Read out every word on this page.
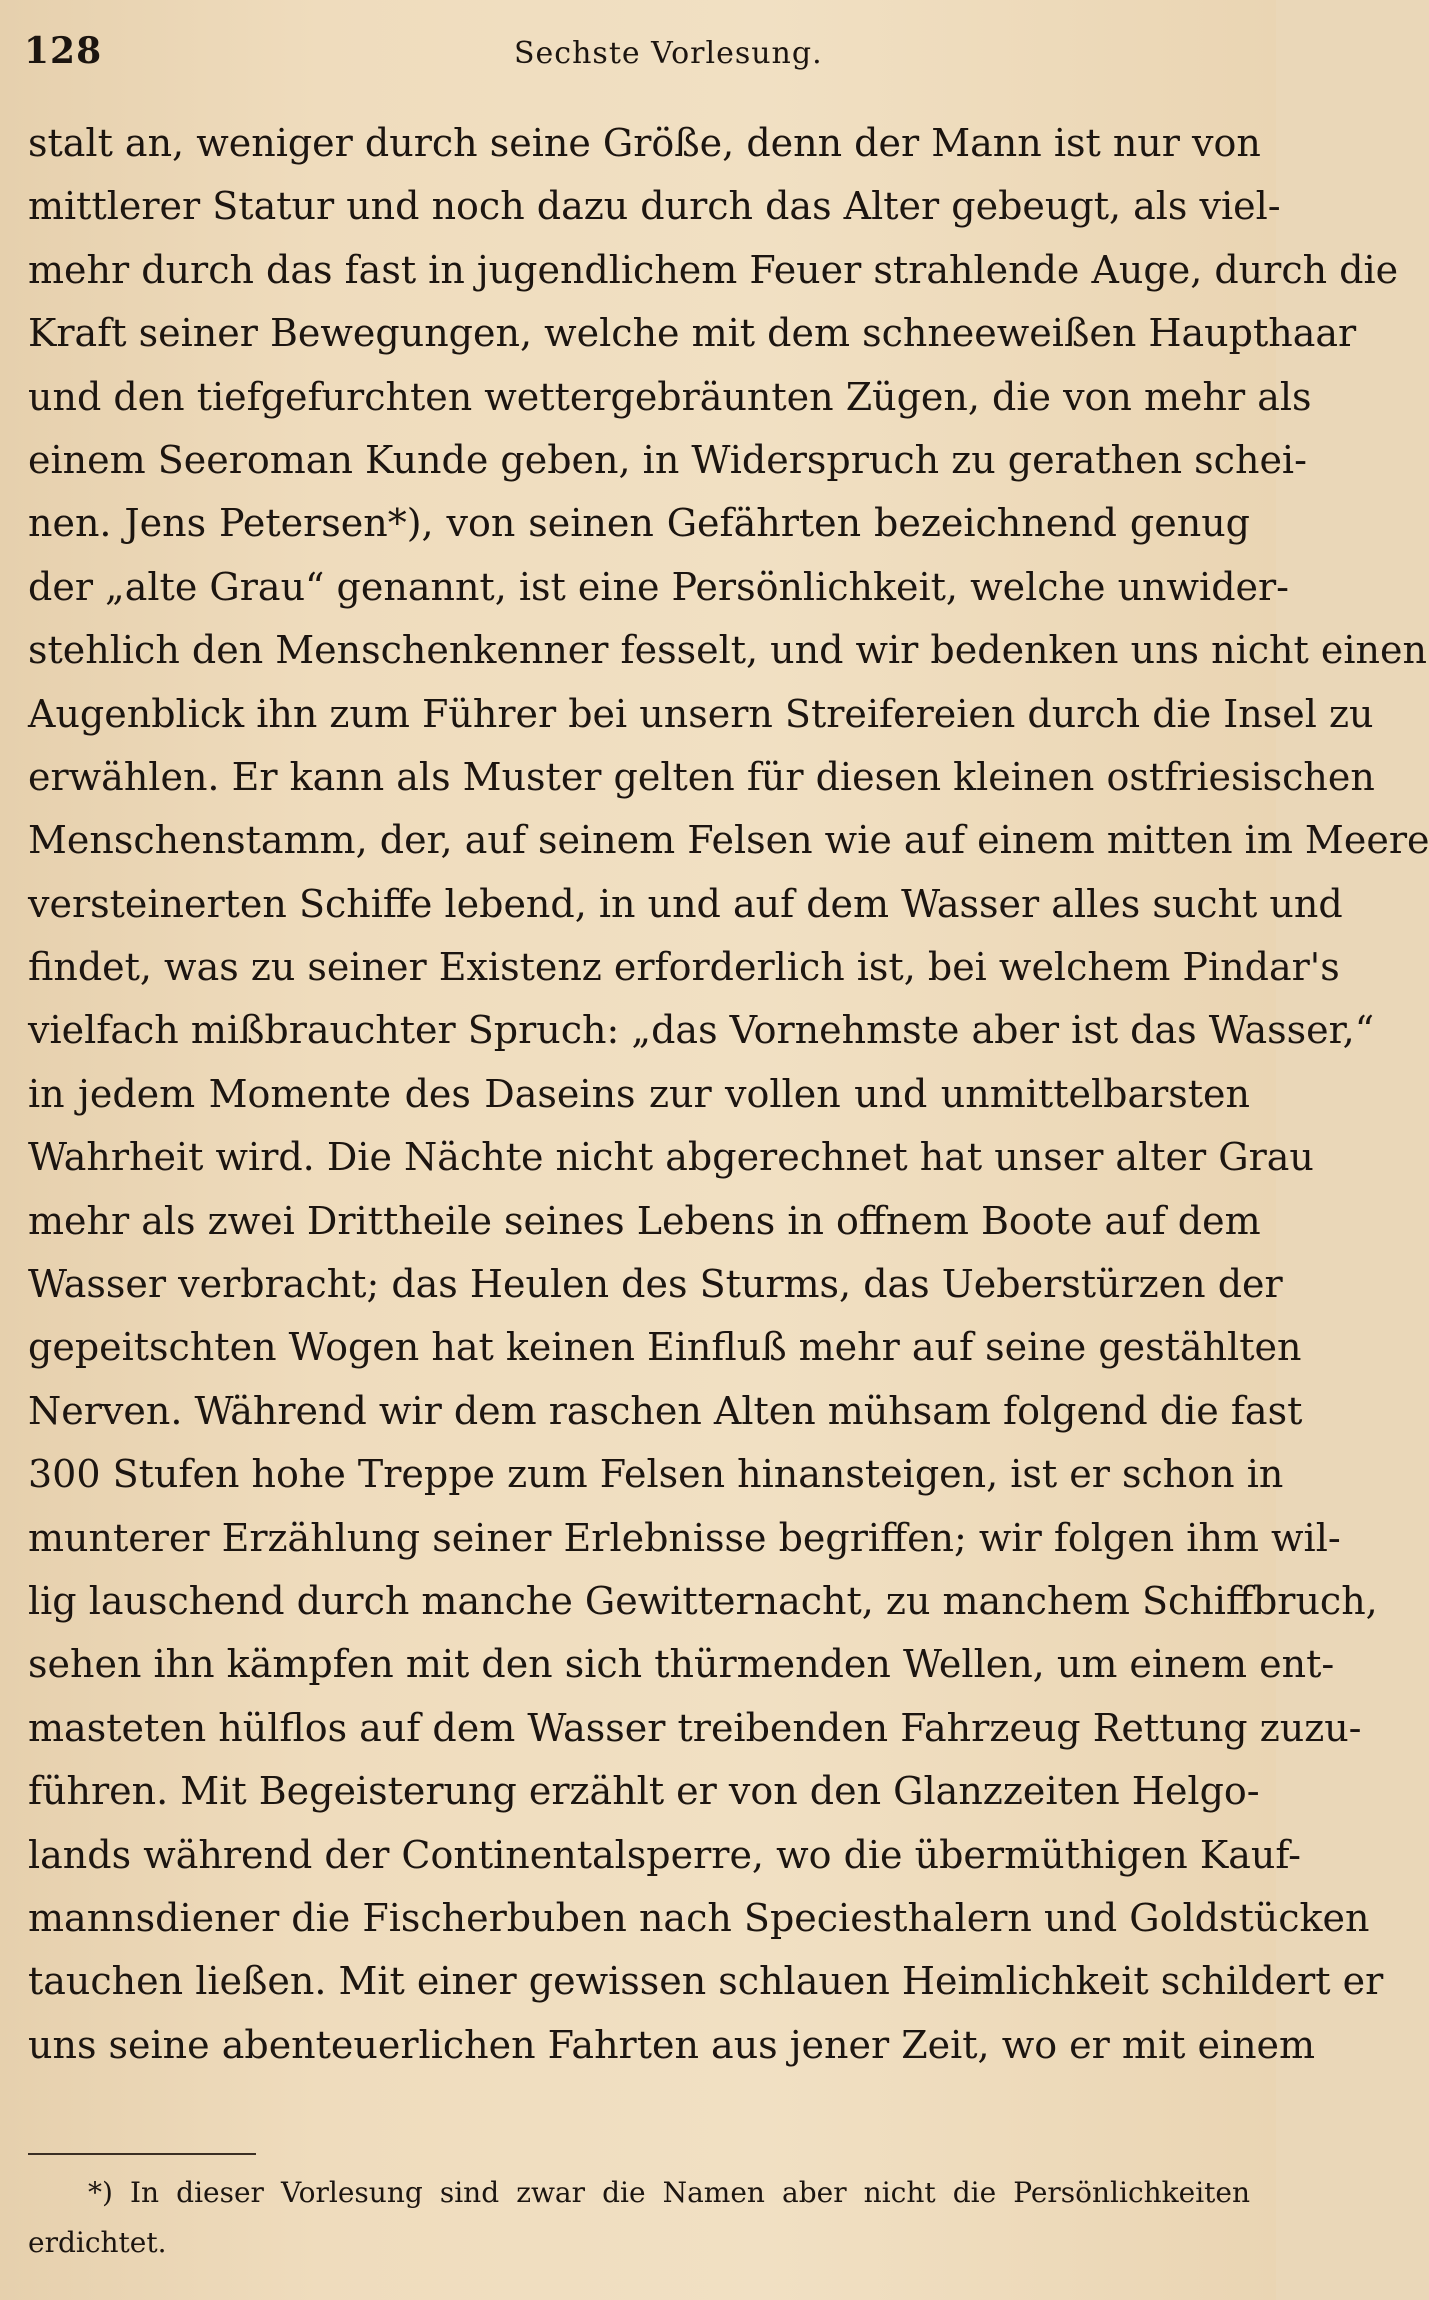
128	Sechste Vorlesung.
stalt an, weniger durch seine Größe, denn der Mann ist nur von
mittlerer Statur und noch dazu durch das Alter gebeugt, als viel-
mehr durch das fast in jugendlichem Feuer strahlende Auge, durch die
Kraft seiner Bewegungen, welche mit dem schneeweißen Haupthaar
und den tiefgefurchten wettergebräunten Zügen, die von mehr als
einem Seeroman Kunde geben, in Widerspruch zu gerathen schei-
nen. Jens Petersen*), von seinen Gefährten bezeichnend genug
der „alte Grau“ genannt, ist eine Persönlichkeit, welche unwider-
stehlich den Menschenkenner fesselt, und wir bedenken uns nicht einen
Augenblick ihn zum Führer bei unsern Streifereien durch die Insel zu
erwählen. Er kann als Muster gelten für diesen kleinen ostfriesischen
Menschenstamm, der, auf seinem Felsen wie auf einem mitten im Meere
versteinerten Schiffe lebend, in und auf dem Wasser alles sucht und
findet, was zu seiner Existenz erforderlich ist, bei welchem Pindar's
vielfach mißbrauchter Spruch: „das Vornehmste aber ist das Wasser,“
in jedem Momente des Daseins zur vollen und unmittelbarsten
Wahrheit wird. Die Nächte nicht abgerechnet hat unser alter Grau
mehr als zwei Drittheile seines Lebens in offnem Boote auf dem
Wasser verbracht; das Heulen des Sturms, das Ueberstürzen der
gepeitschten Wogen hat keinen Einfluß mehr auf seine gestählten
Nerven. Während wir dem raschen Alten mühsam folgend die fast
300 Stufen hohe Treppe zum Felsen hinansteigen, ist er schon in
munterer Erzählung seiner Erlebnisse begriffen; wir folgen ihm wil-
lig lauschend durch manche Gewitternacht, zu manchem Schiffbruch,
sehen ihn kämpfen mit den sich thürmenden Wellen, um einem ent-
masteten hülflos auf dem Wasser treibenden Fahrzeug Rettung zuzu-
führen. Mit Begeisterung erzählt er von den Glanzzeiten Helgo-
lands während der Continentalsperre, wo die übermüthigen Kauf-
mannsdiener die Fischerbuben nach Speciesthalern und Goldstücken
tauchen ließen. Mit einer gewissen schlauen Heimlichkeit schildert er
uns seine abenteuerlichen Fahrten aus jener Zeit, wo er mit einem
*) In dieser Vorlesung sind zwar die Namen aber nicht die Persönlichkeiten
erdichtet.
